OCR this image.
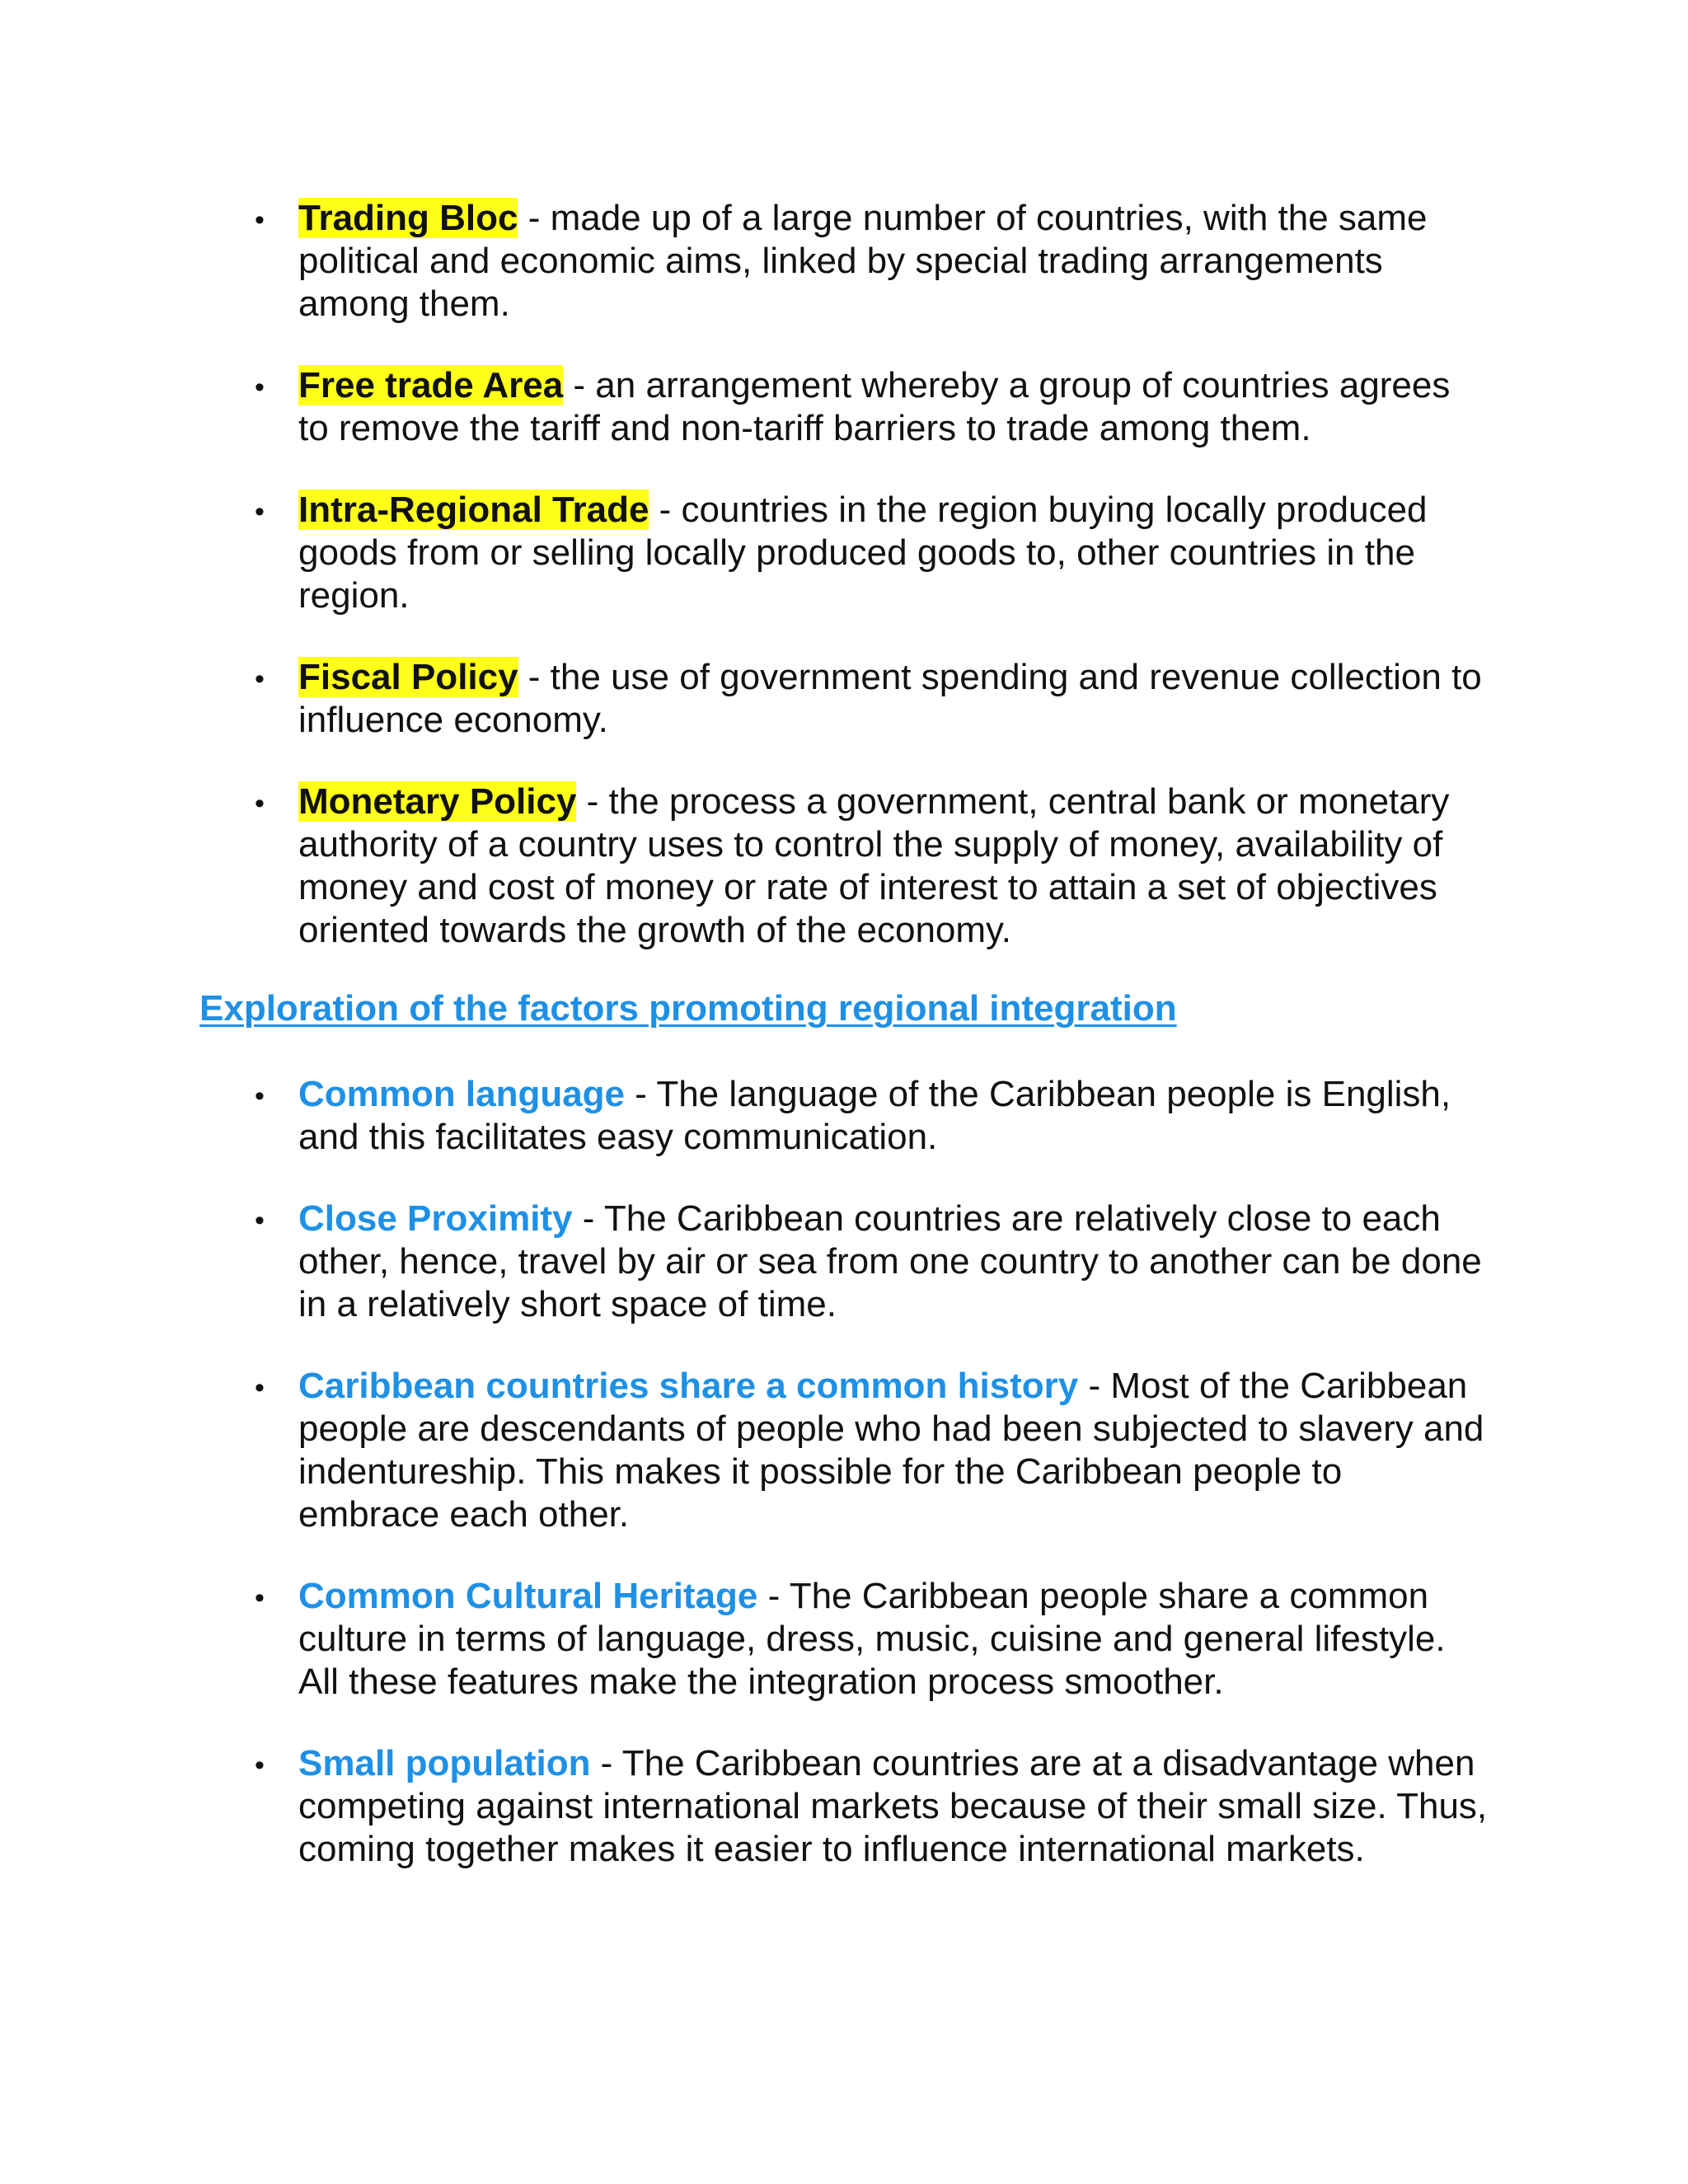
• Trading Bloc - made up of a large number of countries, with the same political and economic aims, linked by special trading arrangements among them.
• Free trade Area - an arrangement whereby a group of countries agrees to remove the tariff and non-tariff barriers to trade among them.
• Intra-Regional Trade - countries in the region buying locally produced goods from or selling locally produced goods to, other countries in the region.
• Fiscal Policy - the use of government spending and revenue collection to influence economy.
• Monetary Policy - the process a government, central bank or monetary authority of a country uses to control the supply of money, availability of money and cost of money or rate of interest to attain a set of objectives oriented towards the growth of the economy.
Exploration of the factors promoting regional integration
• Common language - The language of the Caribbean people is English, and this facilitates easy communication.
• Close Proximity - The Caribbean countries are relatively close to each other, hence, travel by air or sea from one country to another can be done in a relatively short space of time.
• Caribbean countries share a common history - Most of the Caribbean people are descendants of people who had been subjected to slavery and indentureship. This makes it possible for the Caribbean people to embrace each other.
• Common Cultural Heritage - The Caribbean people share a common culture in terms of language, dress, music, cuisine and general lifestyle. All these features make the integration process smoother.
• Small population - The Caribbean countries are at a disadvantage when competing against international markets because of their small size. Thus, coming together makes it easier to influence international markets.
